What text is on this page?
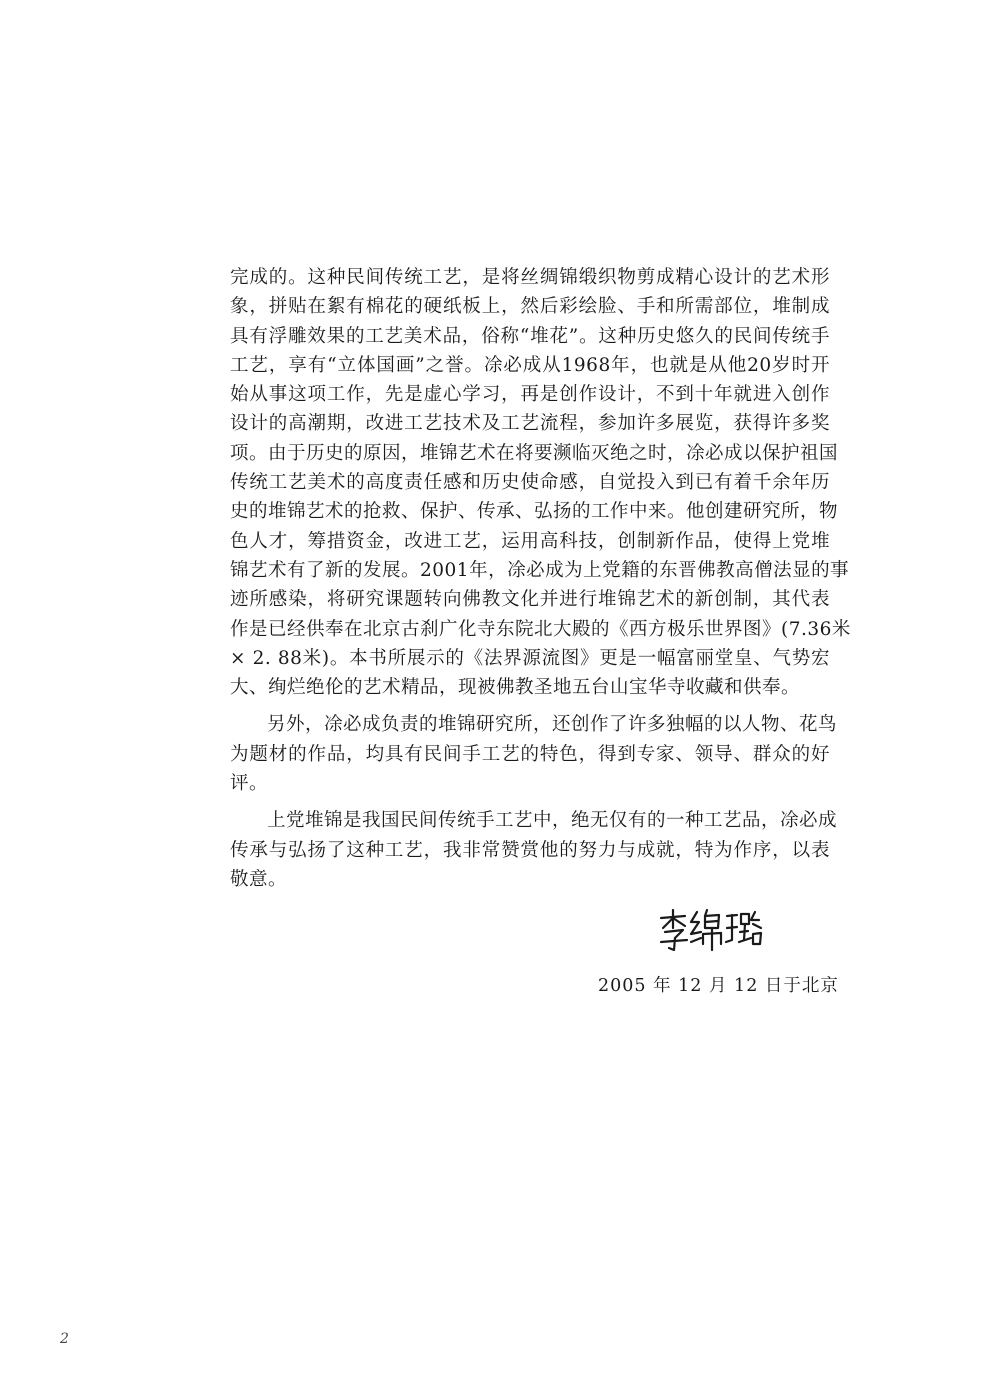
完成的。这种民间传统工艺，是将丝绸锦缎织物剪成精心设计的艺术形
象，拼贴在絮有棉花的硬纸板上，然后彩绘脸、手和所需部位，堆制成
具有浮雕效果的工艺美术品，俗称“堆花”。这种历史悠久的民间传统手
工艺，享有“立体国画”之誉。凃必成从1968年，也就是从他20岁时开
始从事这项工作，先是虚心学习，再是创作设计，不到十年就进入创作
设计的高潮期，改进工艺技术及工艺流程，参加许多展览，获得许多奖
项。由于历史的原因，堆锦艺术在将要濒临灭绝之时，凃必成以保护祖国
传统工艺美术的高度责任感和历史使命感，自觉投入到已有着千余年历
史的堆锦艺术的抢救、保护、传承、弘扬的工作中来。他创建研究所，物
色人才，筹措资金，改进工艺，运用高科技，创制新作品，使得上党堆
锦艺术有了新的发展。2001年，凃必成为上党籍的东晋佛教高僧法显的事
迹所感染，将研究课题转向佛教文化并进行堆锦艺术的新创制，其代表
作是已经供奉在北京古刹广化寺东院北大殿的《西方极乐世界图》(7.36米
× 2. 88米)。本书所展示的《法界源流图》更是一幅富丽堂皇、气势宏
大、绚烂绝伦的艺术精品，现被佛教圣地五台山宝华寺收藏和供奉。
另外，凃必成负责的堆锦研究所，还创作了许多独幅的以人物、花鸟
为题材的作品，均具有民间手工艺的特色，得到专家、领导、群众的好
评。
上党堆锦是我国民间传统手工艺中，绝无仅有的一种工艺品，凃必成
传承与弘扬了这种工艺，我非常赞赏他的努力与成就，特为作序，以表
敬意。
2005 年 12 月 12 日于北京
2
